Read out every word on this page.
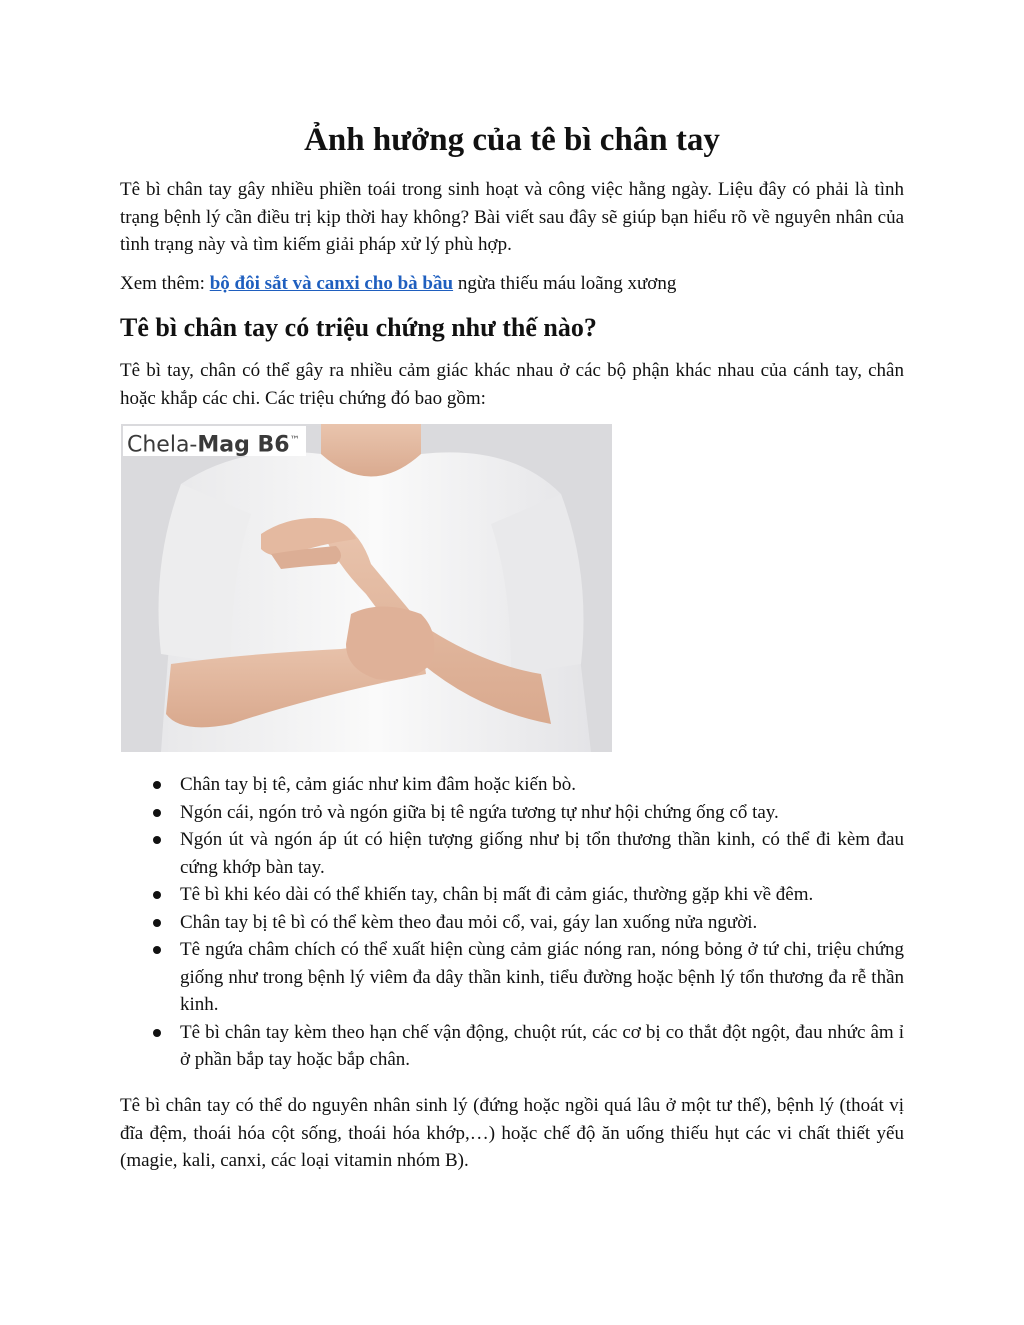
Ảnh hưởng của tê bì chân tay

Tê bì chân tay gây nhiều phiền toái trong sinh hoạt và công việc hằng ngày. Liệu đây có phải là tình trạng bệnh lý cần điều trị kịp thời hay không? Bài viết sau đây sẽ giúp bạn hiểu rõ về nguyên nhân của tình trạng này và tìm kiếm giải pháp xử lý phù hợp.

Xem thêm: bộ đôi sắt và canxi cho bà bầu ngừa thiếu máu loãng xương

Tê bì chân tay có triệu chứng như thế nào?

Tê bì tay, chân có thể gây ra nhiều cảm giác khác nhau ở các bộ phận khác nhau của cánh tay, chân hoặc khắp các chi. Các triệu chứng đó bao gồm:

Chela-Mag B6™
Chân tay bị tê, cảm giác như kim đâm hoặc kiến bò.
Ngón cái, ngón trỏ và ngón giữa bị tê ngứa tương tự như hội chứng ống cổ tay.
Ngón út và ngón áp út có hiện tượng giống như bị tổn thương thần kinh, có thể đi kèm đau cứng khớp bàn tay.
Tê bì khi kéo dài có thể khiến tay, chân bị mất đi cảm giác, thường gặp khi về đêm.
Chân tay bị tê bì có thể kèm theo đau mỏi cổ, vai, gáy lan xuống nửa người.
Tê ngứa châm chích có thể xuất hiện cùng cảm giác nóng ran, nóng bỏng ở tứ chi, triệu chứng giống như trong bệnh lý viêm đa dây thần kinh, tiểu đường hoặc bệnh lý tổn thương đa rễ thần kinh.
Tê bì chân tay kèm theo hạn chế vận động, chuột rút, các cơ bị co thắt đột ngột, đau nhức âm ỉ ở phần bắp tay hoặc bắp chân.

Tê bì chân tay có thể do nguyên nhân sinh lý (đứng hoặc ngồi quá lâu ở một tư thế), bệnh lý (thoát vị đĩa đệm, thoái hóa cột sống, thoái hóa khớp,…) hoặc chế độ ăn uống thiếu hụt các vi chất thiết yếu (magie, kali, canxi, các loại vitamin nhóm B).
